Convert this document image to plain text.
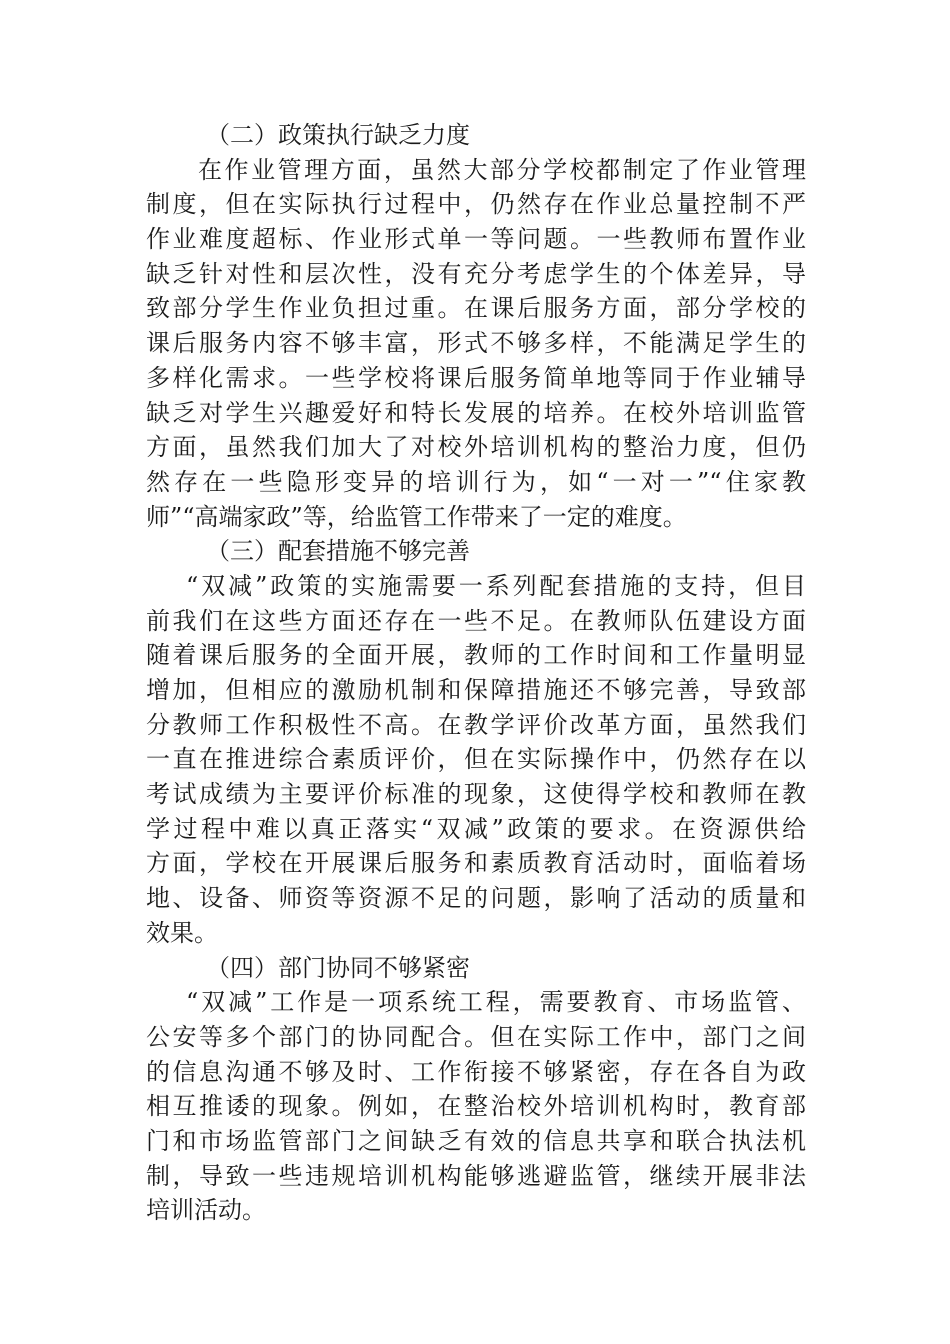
（二）政策执行缺乏力度
在作业管理方面，虽然大部分学校都制定了作业管理
制度，但在实际执行过程中，仍然存在作业总量控制不严
作业难度超标、作业形式单一等问题。一些教师布置作业
缺乏针对性和层次性，没有充分考虑学生的个体差异，导
致部分学生作业负担过重。在课后服务方面，部分学校的
课后服务内容不够丰富，形式不够多样，不能满足学生的
多样化需求。一些学校将课后服务简单地等同于作业辅导
缺乏对学生兴趣爱好和特长发展的培养。在校外培训监管
方面，虽然我们加大了对校外培训机构的整治力度，但仍
然存在一些隐形变异的培训行为，如“一对一”“住家教
师”“高端家政”等，给监管工作带来了一定的难度。
（三）配套措施不够完善
“双减”政策的实施需要一系列配套措施的支持，但目
前我们在这些方面还存在一些不足。在教师队伍建设方面
随着课后服务的全面开展，教师的工作时间和工作量明显
增加，但相应的激励机制和保障措施还不够完善，导致部
分教师工作积极性不高。在教学评价改革方面，虽然我们
一直在推进综合素质评价，但在实际操作中，仍然存在以
考试成绩为主要评价标准的现象，这使得学校和教师在教
学过程中难以真正落实“双减”政策的要求。在资源供给
方面，学校在开展课后服务和素质教育活动时，面临着场
地、设备、师资等资源不足的问题，影响了活动的质量和
效果。
（四）部门协同不够紧密
“双减”工作是一项系统工程，需要教育、市场监管、
公安等多个部门的协同配合。但在实际工作中，部门之间
的信息沟通不够及时、工作衔接不够紧密，存在各自为政
相互推诿的现象。例如，在整治校外培训机构时，教育部
门和市场监管部门之间缺乏有效的信息共享和联合执法机
制，导致一些违规培训机构能够逃避监管，继续开展非法
培训活动。
